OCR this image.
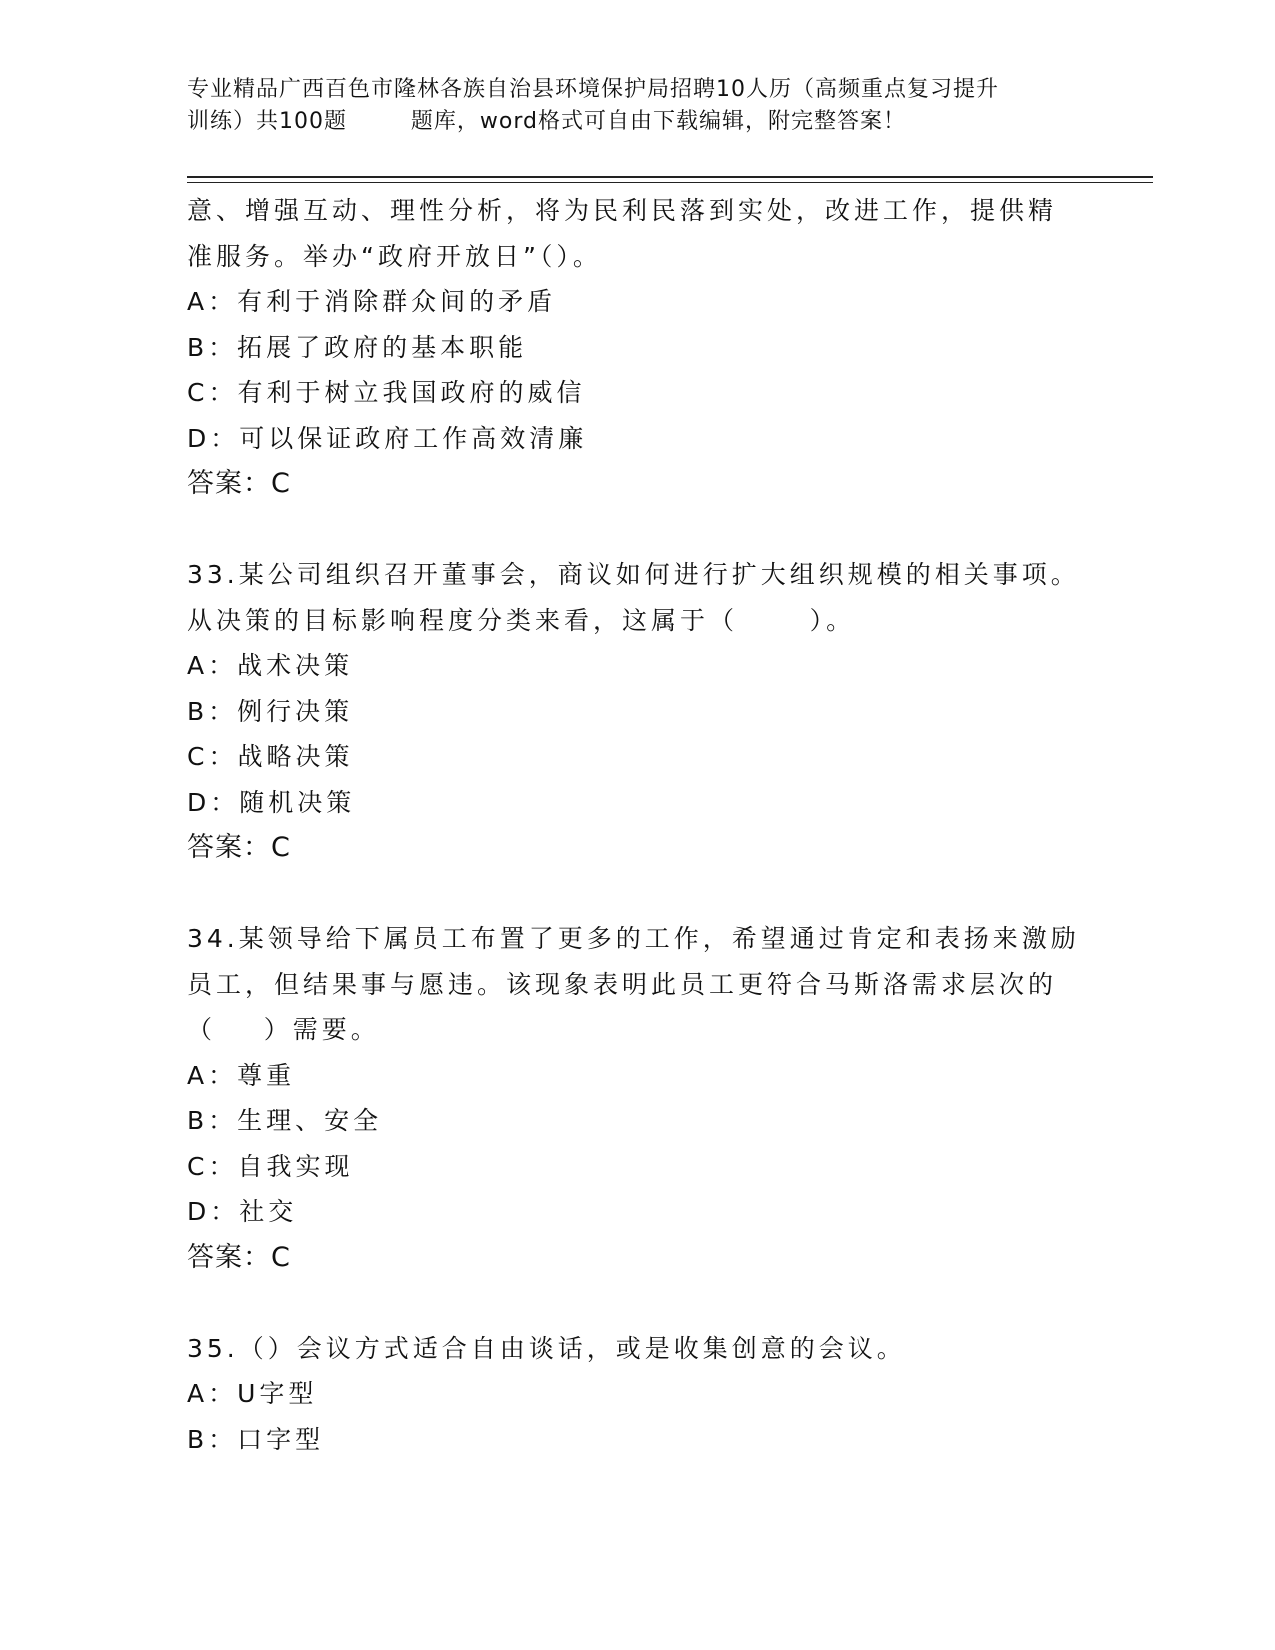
专业精品广西百色市隆林各族自治县环境保护局招聘10人历（高频重点复习提升
训练）共100题        题库，word格式可自由下载编辑，附完整答案！
意、增强互动、理性分析，将为民利民落到实处，改进工作，提供精
准服务。举办“政府开放日”（）。
A：有利于消除群众间的矛盾
B：拓展了政府的基本职能
C：有利于树立我国政府的威信
D：可以保证政府工作高效清廉
答案：C
33.某公司组织召开董事会，商议如何进行扩大组织规模的相关事项。
从决策的目标影响程度分类来看，这属于（      ）。
A：战术决策
B：例行决策
C：战略决策
D：随机决策
答案：C
34.某领导给下属员工布置了更多的工作，希望通过肯定和表扬来激励
员工，但结果事与愿违。该现象表明此员工更符合马斯洛需求层次的
（    ）需要。
A：尊重
B：生理、安全
C：自我实现
D：社交
答案：C
35.（）会议方式适合自由谈话，或是收集创意的会议。
A：U字型
B：口字型
